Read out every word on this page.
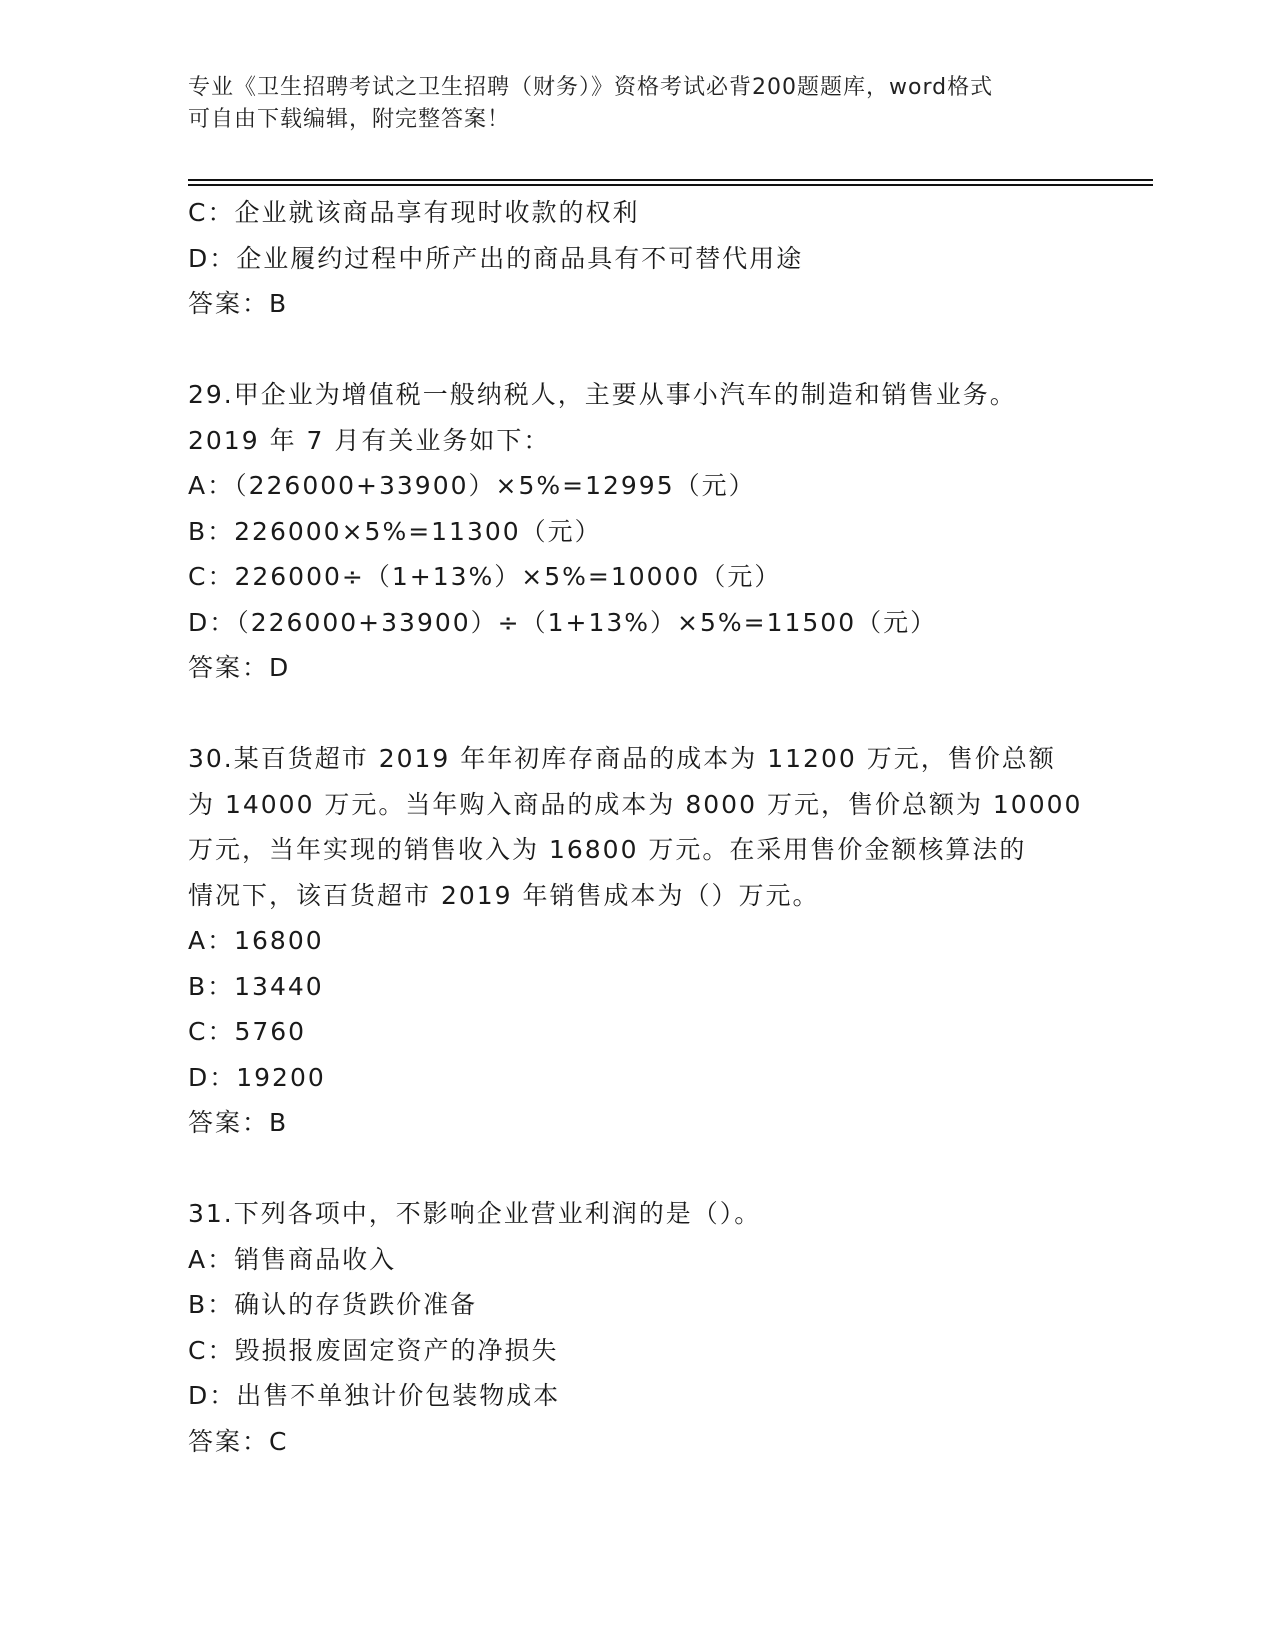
专业《卫生招聘考试之卫生招聘（财务）》资格考试必背200题题库，word格式
可自由下载编辑，附完整答案！
C：企业就该商品享有现时收款的权利
D：企业履约过程中所产出的商品具有不可替代用途
答案：B
29.甲企业为增值税一般纳税人，主要从事小汽车的制造和销售业务。
2019 年 7 月有关业务如下：
A：（226000+33900）×5%=12995（元）
B：226000×5%=11300（元）
C：226000÷（1+13%）×5%=10000（元）
D：（226000+33900）÷（1+13%）×5%=11500（元）
答案：D
30.某百货超市 2019 年年初库存商品的成本为 11200 万元，售价总额
为 14000 万元。当年购入商品的成本为 8000 万元，售价总额为 10000
万元，当年实现的销售收入为 16800 万元。在采用售价金额核算法的
情况下，该百货超市 2019 年销售成本为（）万元。
A：16800
B：13440
C：5760
D：19200
答案：B
31.下列各项中，不影响企业营业利润的是（）。
A：销售商品收入
B：确认的存货跌价准备
C：毁损报废固定资产的净损失
D：出售不单独计价包装物成本
答案：C
